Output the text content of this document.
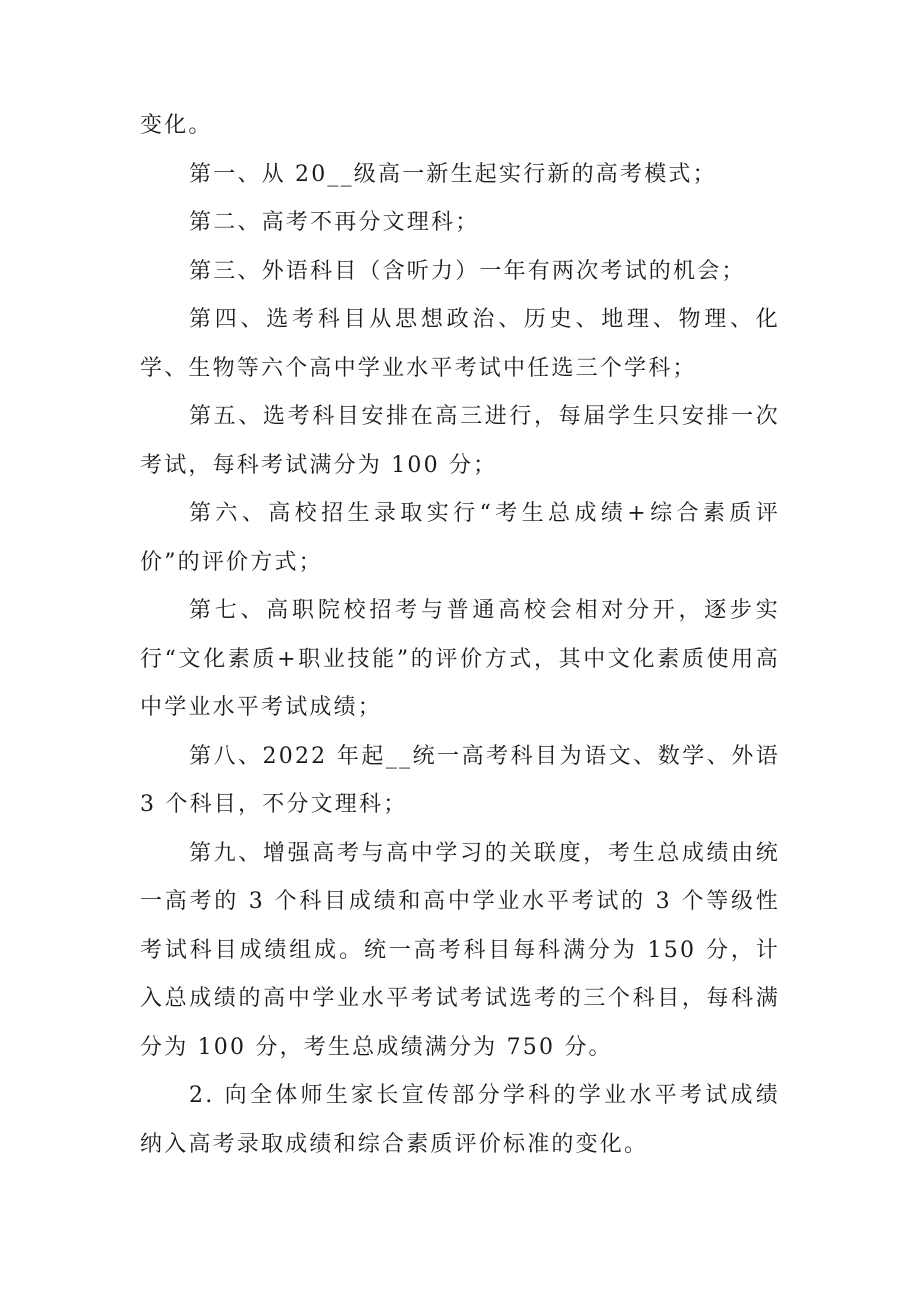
变化。

第一、从 20__级高一新生起实行新的高考模式；

第二、高考不再分文理科；

第三、外语科目（含听力）一年有两次考试的机会；

第四、选考科目从思想政治、历史、地理、物理、化学、生物等六个高中学业水平考试中任选三个学科；

第五、选考科目安排在高三进行，每届学生只安排一次考试，每科考试满分为 100 分；

第六、高校招生录取实行“考生总成绩+综合素质评价”的评价方式；

第七、高职院校招考与普通高校会相对分开，逐步实行“文化素质+职业技能”的评价方式，其中文化素质使用高中学业水平考试成绩；

第八、2022 年起__统一高考科目为语文、数学、外语 3 个科目，不分文理科；

第九、增强高考与高中学习的关联度，考生总成绩由统一高考的 3 个科目成绩和高中学业水平考试的 3 个等级性考试科目成绩组成。统一高考科目每科满分为 150 分，计入总成绩的高中学业水平考试考试选考的三个科目，每科满分为 100 分，考生总成绩满分为 750 分。

2. 向全体师生家长宣传部分学科的学业水平考试成绩纳入高考录取成绩和综合素质评价标准的变化。
